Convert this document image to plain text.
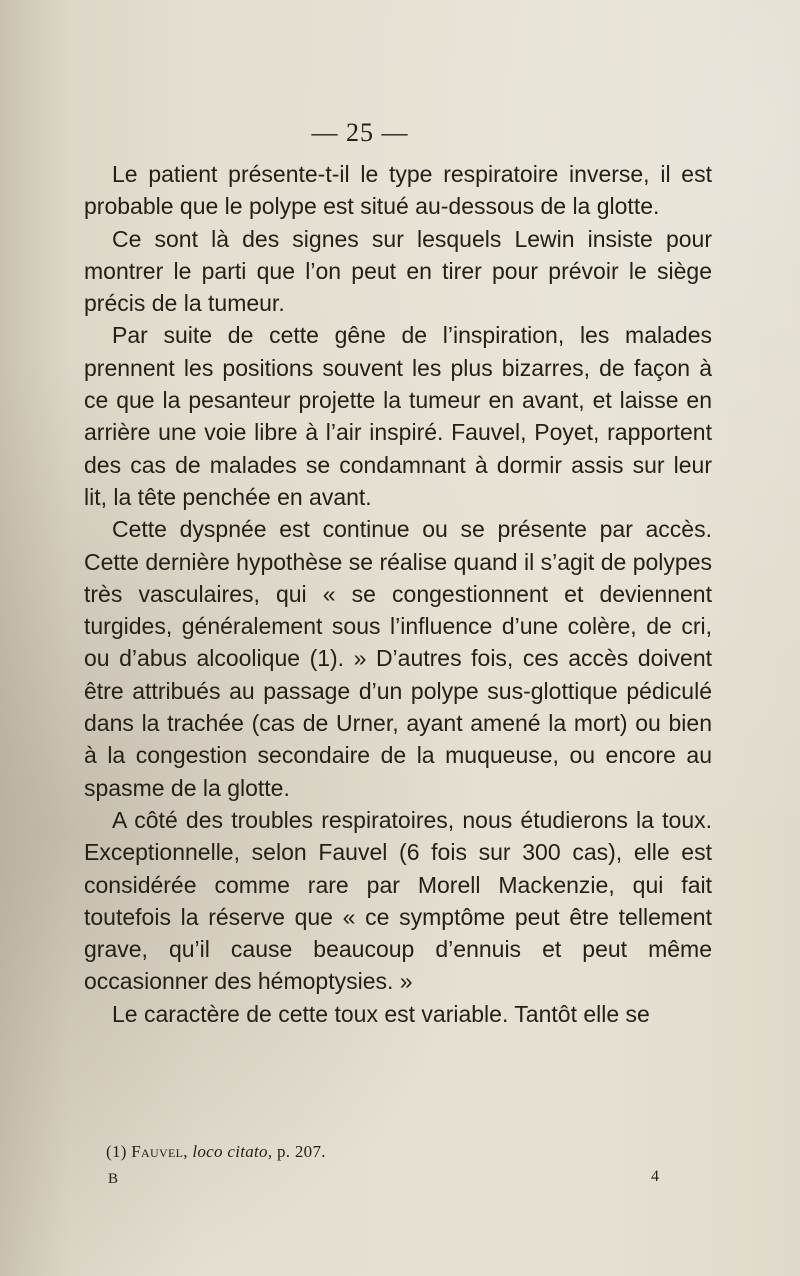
— 25 —

Le patient présente-t-il le type respiratoire inverse, il est probable que le polype est situé au-dessous de la glotte.

Ce sont là des signes sur lesquels Lewin insiste pour montrer le parti que l’on peut en tirer pour prévoir le siège précis de la tumeur.

Par suite de cette gêne de l’inspiration, les malades prennent les positions souvent les plus bizarres, de façon à ce que la pesanteur projette la tumeur en avant, et laisse en arrière une voie libre à l’air inspiré. Fauvel, Poyet, rapportent des cas de malades se condamnant à dormir assis sur leur lit, la tête penchée en avant.

Cette dyspnée est continue ou se présente par accès. Cette dernière hypothèse se réalise quand il s’agit de polypes très vasculaires, qui « se congestionnent et deviennent turgides, généralement sous l’influence d’une colère, de cri, ou d’abus alcoolique (1). » D’autres fois, ces accès doivent être attribués au passage d’un polype sus-glottique pédiculé dans la trachée (cas de Urner, ayant amené la mort) ou bien à la congestion secondaire de la muqueuse, ou encore au spasme de la glotte.

A côté des troubles respiratoires, nous étudierons la toux. Exceptionnelle, selon Fauvel (6 fois sur 300 cas), elle est considérée comme rare par Morell Mackenzie, qui fait toutefois la réserve que « ce symptôme peut être tellement grave, qu’il cause beaucoup d’ennuis et peut même occasionner des hémoptysies. »

Le caractère de cette toux est variable. Tantôt elle se

(1) Fauvel, loco citato, p. 207.
B	4
